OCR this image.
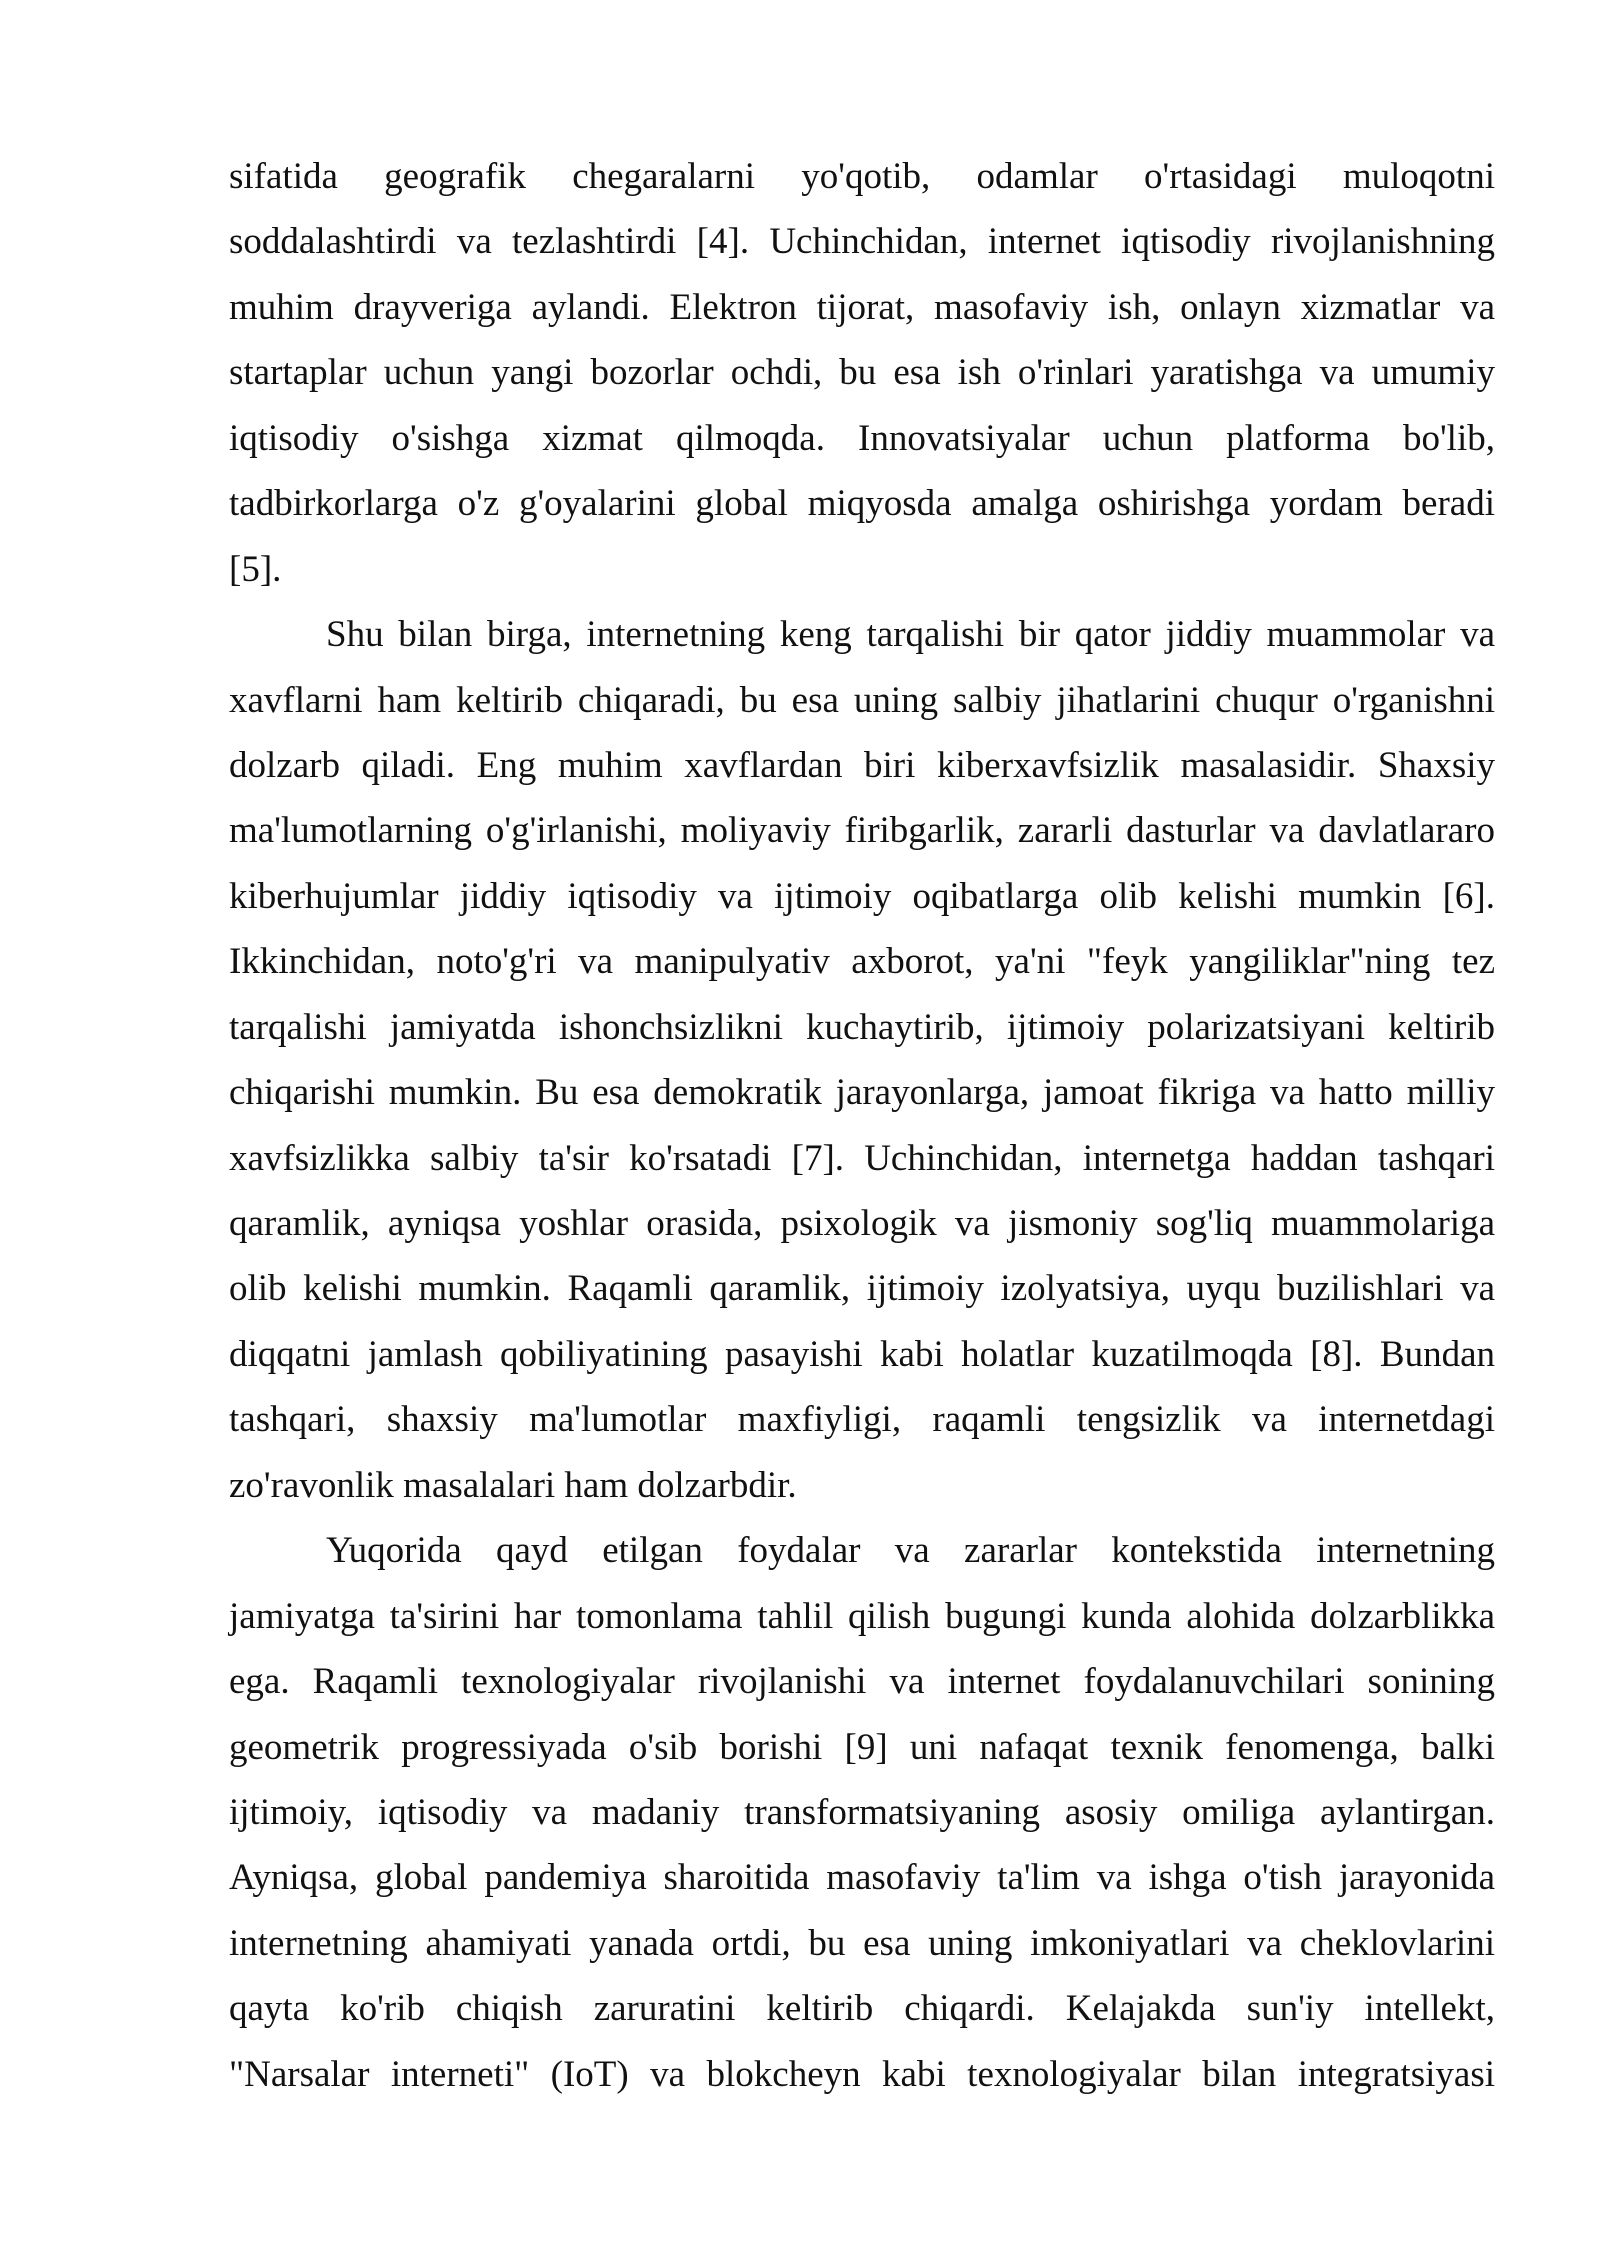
sifatida geografik chegaralarni yo'qotib, odamlar o'rtasidagi muloqotni
soddalashtirdi va tezlashtirdi [4]. Uchinchidan, internet iqtisodiy rivojlanishning
muhim drayveriga aylandi. Elektron tijorat, masofaviy ish, onlayn xizmatlar va
startaplar uchun yangi bozorlar ochdi, bu esa ish o'rinlari yaratishga va umumiy
iqtisodiy o'sishga xizmat qilmoqda. Innovatsiyalar uchun platforma bo'lib,
tadbirkorlarga o'z g'oyalarini global miqyosda amalga oshirishga yordam beradi
[5].
Shu bilan birga, internetning keng tarqalishi bir qator jiddiy muammolar va
xavflarni ham keltirib chiqaradi, bu esa uning salbiy jihatlarini chuqur o'rganishni
dolzarb qiladi. Eng muhim xavflardan biri kiberxavfsizlik masalasidir. Shaxsiy
ma'lumotlarning o'g'irlanishi, moliyaviy firibgarlik, zararli dasturlar va davlatlararo
kiberhujumlar jiddiy iqtisodiy va ijtimoiy oqibatlarga olib kelishi mumkin [6].
Ikkinchidan, noto'g'ri va manipulyativ axborot, ya'ni "feyk yangiliklar"ning tez
tarqalishi jamiyatda ishonchsizlikni kuchaytirib, ijtimoiy polarizatsiyani keltirib
chiqarishi mumkin. Bu esa demokratik jarayonlarga, jamoat fikriga va hatto milliy
xavfsizlikka salbiy ta'sir ko'rsatadi [7]. Uchinchidan, internetga haddan tashqari
qaramlik, ayniqsa yoshlar orasida, psixologik va jismoniy sog'liq muammolariga
olib kelishi mumkin. Raqamli qaramlik, ijtimoiy izolyatsiya, uyqu buzilishlari va
diqqatni jamlash qobiliyatining pasayishi kabi holatlar kuzatilmoqda [8]. Bundan
tashqari, shaxsiy ma'lumotlar maxfiyligi, raqamli tengsizlik va internetdagi
zo'ravonlik masalalari ham dolzarbdir.
Yuqorida qayd etilgan foydalar va zararlar kontekstida internetning
jamiyatga ta'sirini har tomonlama tahlil qilish bugungi kunda alohida dolzarblikka
ega. Raqamli texnologiyalar rivojlanishi va internet foydalanuvchilari sonining
geometrik progressiyada o'sib borishi [9] uni nafaqat texnik fenomenga, balki
ijtimoiy, iqtisodiy va madaniy transformatsiyaning asosiy omiliga aylantirgan.
Ayniqsa, global pandemiya sharoitida masofaviy ta'lim va ishga o'tish jarayonida
internetning ahamiyati yanada ortdi, bu esa uning imkoniyatlari va cheklovlarini
qayta ko'rib chiqish zaruratini keltirib chiqardi. Kelajakda sun'iy intellekt,
"Narsalar interneti" (IoT) va blokcheyn kabi texnologiyalar bilan integratsiyasi
